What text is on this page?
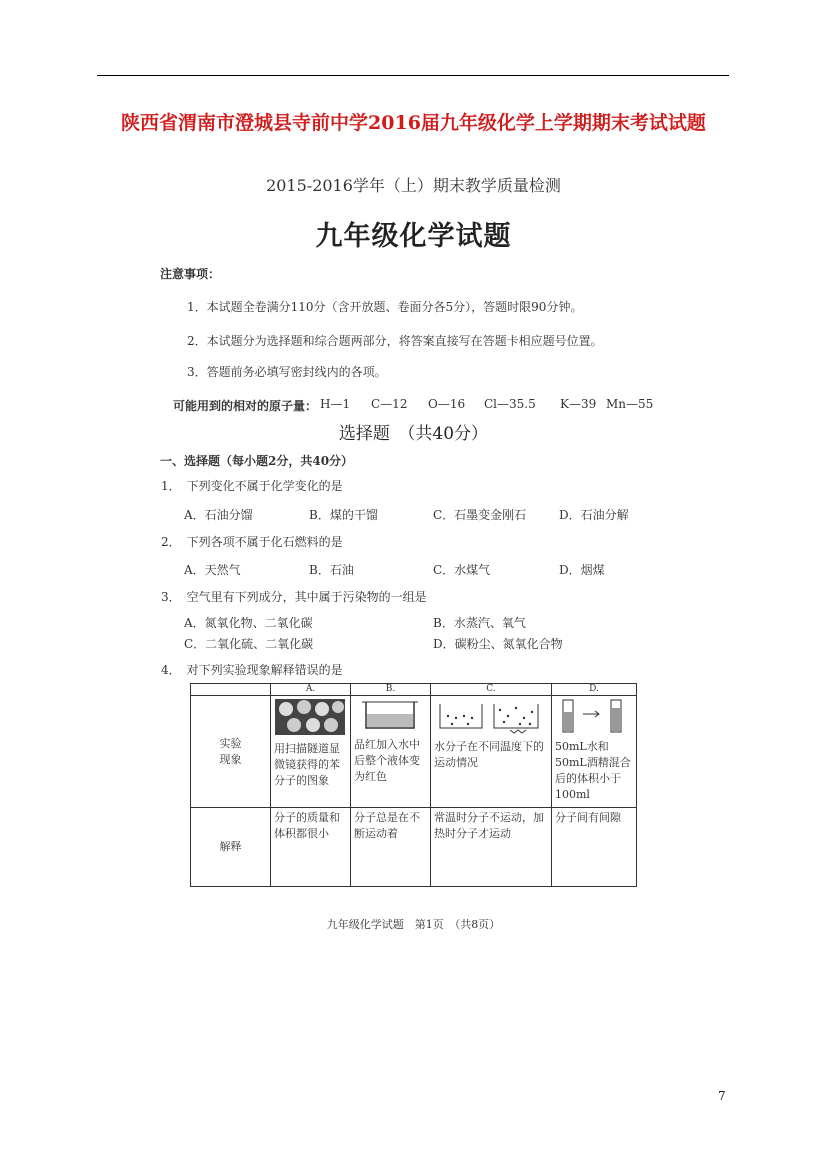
陕西省渭南市澄城县寺前中学2016届九年级化学上学期期末考试试题
2015-2016学年（上）期末教学质量检测
九年级化学试题
注意事项：
1．本试题全卷满分110分（含开放题、卷面分各5分），答题时限90分钟。
2．本试题分为选择题和综合题两部分，将答案直接写在答题卡相应题号位置。
3．答题前务必填写密封线内的各项。
可能用到的相对的原子量： H—1 C—12 O—16 Cl—35.5 K—39 Mn—55
选择题　（共40分）
一、选择题（每小题2分，共40分）
1．　下列变化不属于化学变化的是
A．石油分馏	B．煤的干馏	C．石墨变金刚石	D．石油分解
2．　下列各项不属于化石燃料的是
A．天然气	B．石油	C．水煤气	D．烟煤
3．　空气里有下列成分，其中属于污染物的一组是
A．氮氧化物、二氧化碳	B．水蒸汽、氧气
C．二氧化硫、二氧化碳	D．碳粉尘、氮氧化合物
4．　对下列实验现象解释错误的是
	A.	B.	C.	D.
实验现象	用扫描隧道显微镜获得的苯分子的图象	品红加入水中后整个液体变为红色	水分子在不同温度下的运动情况	50mL水和50mL酒精混合后的体积小于100ml
解释	分子的质量和体积都很小	分子总是在不断运动着	常温时分子不运动，加热时分子才运动	分子间有间隙
九年级化学试题　第1页　（共8页）
7
